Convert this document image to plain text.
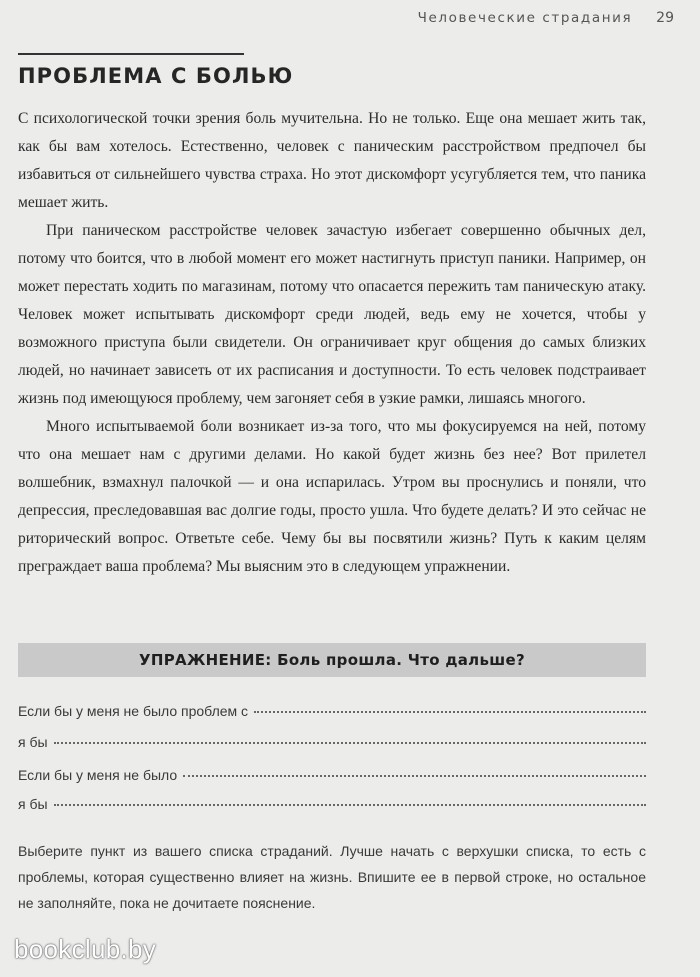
Человеческие страдания 29
ПРОБЛЕМА С БОЛЬЮ

С психологической точки зрения боль мучительна. Но не только. Еще она мешает жить так, как бы вам хотелось. Естественно, человек с паническим расстройством предпочел бы избавиться от сильнейшего чувства страха. Но этот дискомфорт усугубляется тем, что паника мешает жить.

При паническом расстройстве человек зачастую избегает совершенно обычных дел, потому что боится, что в любой момент его может настигнуть приступ паники. Например, он может перестать ходить по магазинам, потому что опасается пережить там паническую атаку. Человек может испытывать дискомфорт среди людей, ведь ему не хочется, чтобы у возможного приступа были свидетели. Он ограничивает круг общения до самых близких людей, но начинает зависеть от их расписания и доступности. То есть человек подстраивает жизнь под имеющуюся проблему, чем загоняет себя в узкие рамки, лишаясь многого.

Много испытываемой боли возникает из-за того, что мы фокусируемся на ней, потому что она мешает нам с другими делами. Но какой будет жизнь без нее? Вот прилетел волшебник, взмахнул палочкой — и она испарилась. Утром вы проснулись и поняли, что депрессия, преследовавшая вас долгие годы, просто ушла. Что будете делать? И это сейчас не риторический вопрос. Ответьте себе. Чему бы вы посвятили жизнь? Путь к каким целям преграждает ваша проблема? Мы выясним это в следующем упражнении.

УПРАЖНЕНИЕ: Боль прошла. Что дальше?
Если бы у меня не было проблем с
я бы
Если бы у меня не было
я бы

Выберите пункт из вашего списка страданий. Лучше начать с верхушки списка, то есть с проблемы, которая существенно влияет на жизнь. Впишите ее в первой строке, но остальное не заполняйте, пока не дочитаете пояснение.

bookclub.by
